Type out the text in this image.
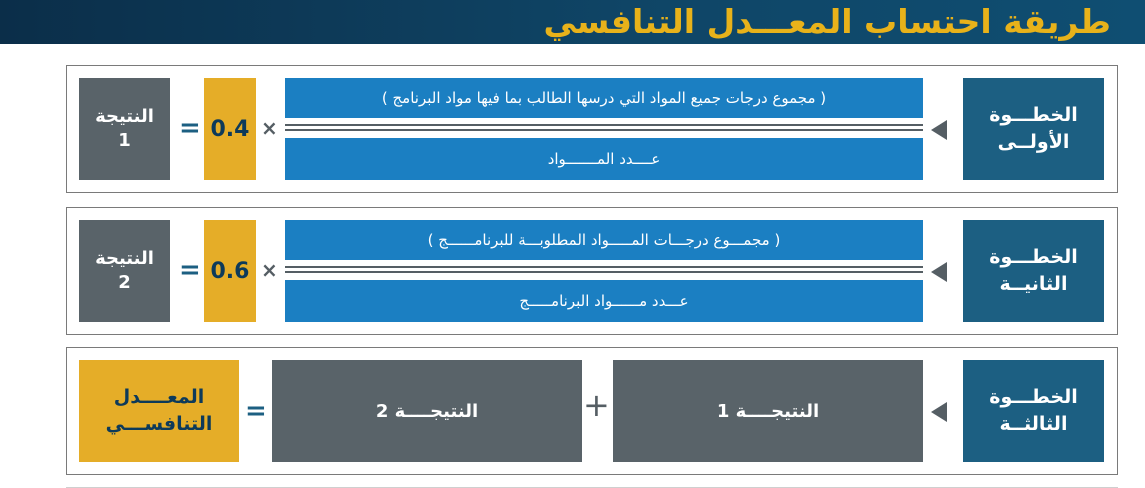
طريقة احتساب المعـــدل التنافسي
الخطـــوة
الأولــى
( مجموع درجات جميع المواد التي درسها الطالب بما فيها مواد البرنامج )
عــــدد المـــــــواد
×
0.4
=
النتيجة
1
الخطـــوة
الثانيــة
( مجمـــوع درجـــات المـــــواد المطلوبـــة للبرنامــــــج )
عـــدد مــــــواد البرنامـــــج
×
0.6
=
النتيجة
2
الخطـــوة
الثالثــة
النتيجــــة 1
+
النتيجــــة 2
=
المعــــدل
التنافســـي
